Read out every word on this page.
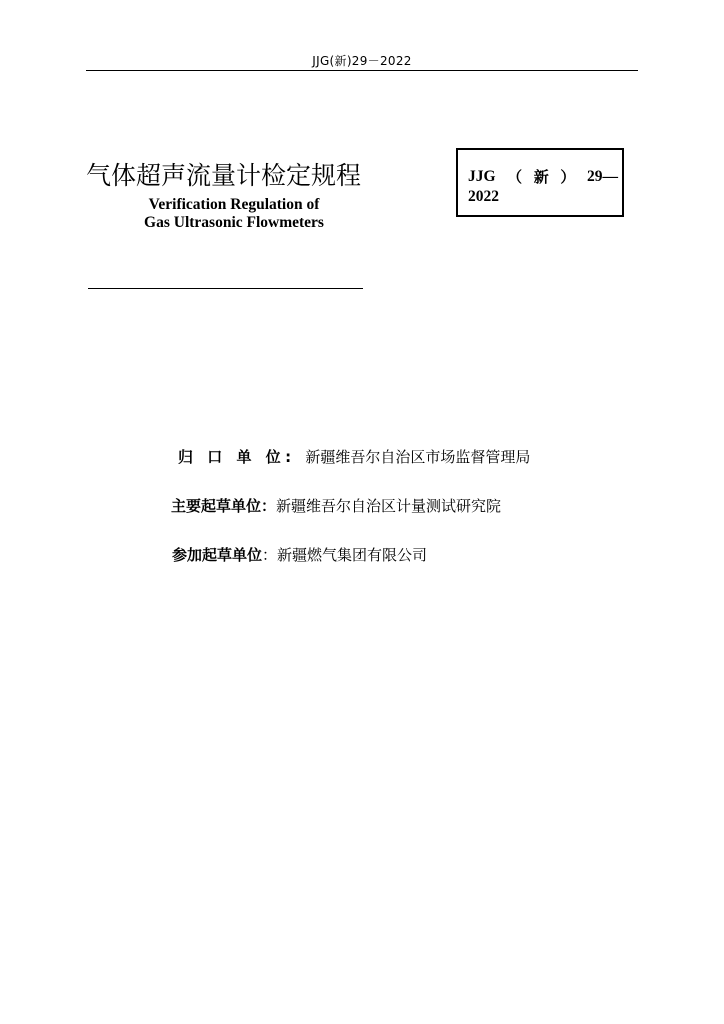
JJG(新)29－2022
气体超声流量计检定规程
Verification Regulation of
Gas Ultrasonic Flowmeters
JJG （ 新 ） 29—
2022
归 口 单 位: 新疆维吾尔自治区市场监督管理局
主要起草单位：新疆维吾尔自治区计量测试研究院
参加起草单位：新疆燃气集团有限公司
